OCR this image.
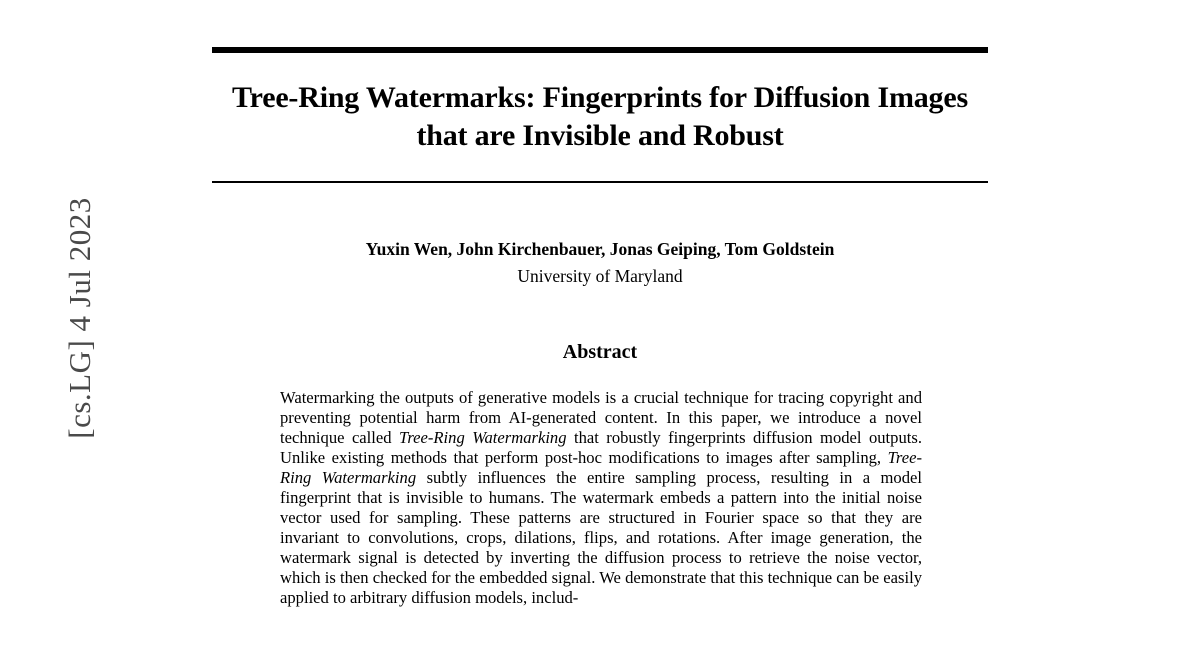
[cs.LG] 4 Jul 2023
Tree-Ring Watermarks: Fingerprints for Diffusion Images that are Invisible and Robust
Yuxin Wen, John Kirchenbauer, Jonas Geiping, Tom Goldstein
University of Maryland
Abstract
Watermarking the outputs of generative models is a crucial technique for tracing copyright and preventing potential harm from AI-generated content. In this paper, we introduce a novel technique called Tree-Ring Watermarking that robustly fingerprints diffusion model outputs. Unlike existing methods that perform post-hoc modifications to images after sampling, Tree-Ring Watermarking subtly influences the entire sampling process, resulting in a model fingerprint that is invisible to humans. The watermark embeds a pattern into the initial noise vector used for sampling. These patterns are structured in Fourier space so that they are invariant to convolutions, crops, dilations, flips, and rotations. After image generation, the watermark signal is detected by inverting the diffusion process to retrieve the noise vector, which is then checked for the embedded signal. We demonstrate that this technique can be easily applied to arbitrary diffusion models, includ-
